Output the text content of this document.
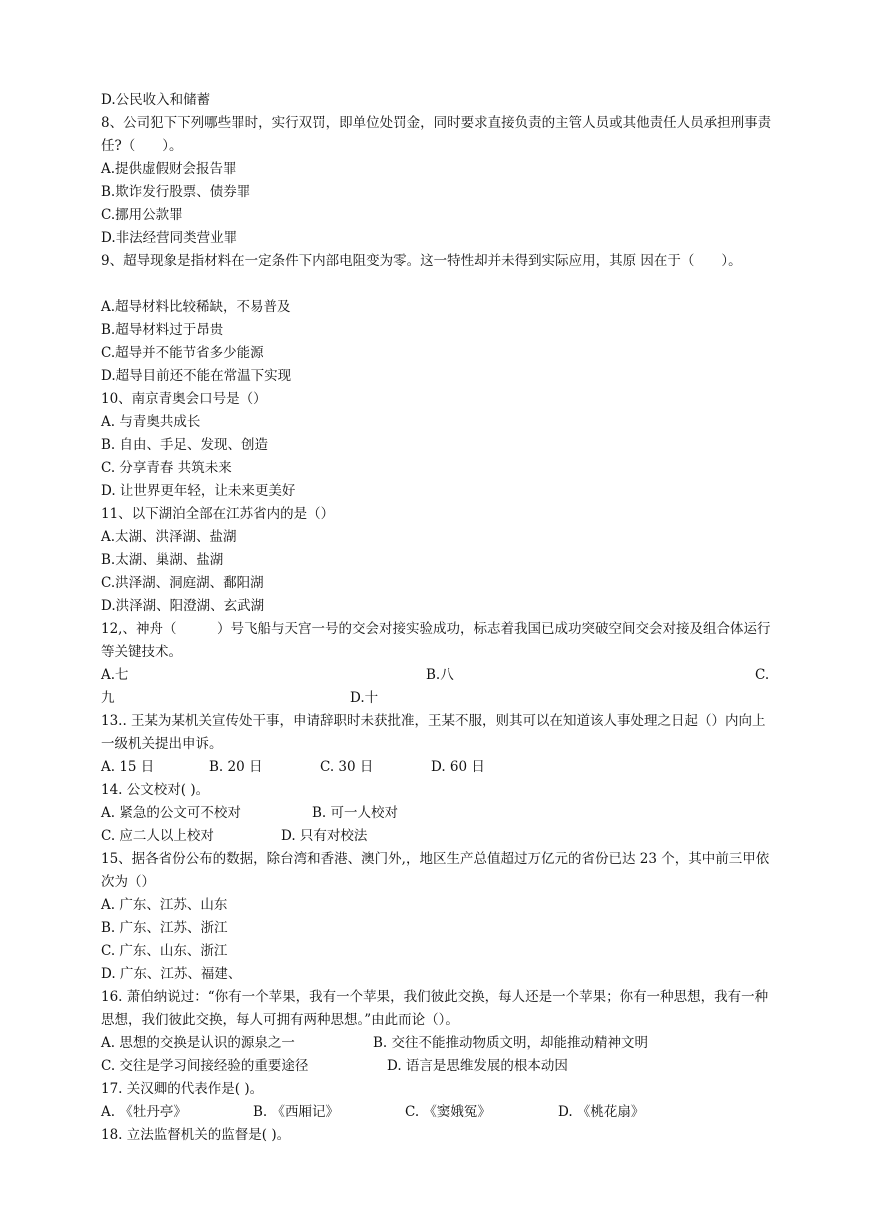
D.公民收入和储蓄
8、公司犯下下列哪些罪时，实行双罚，即单位处罚金，同时要求直接负责的主管人员或其他责任人员承担刑事责任?（　　）。
A.提供虚假财会报告罪
B.欺诈发行股票、债券罪
C.挪用公款罪
D.非法经营同类营业罪
9、超导现象是指材料在一定条件下内部电阻变为零。这一特性却并未得到实际应用，其原 因在于（　　）。
A.超导材料比较稀缺，不易普及
B.超导材料过于昂贵
C.超导并不能节省多少能源
D.超导目前还不能在常温下实现
10、南京青奥会口号是（）
A. 与青奥共成长
B. 自由、手足、发现、创造
C. 分享青春 共筑未来
D. 让世界更年轻，让未来更美好
11、以下湖泊全部在江苏省内的是（）
A.太湖、洪泽湖、盐湖
B.太湖、巢湖、盐湖
C.洪泽湖、洞庭湖、鄱阳湖
D.洪泽湖、阳澄湖、玄武湖
12,、神舟（　　　）号飞船与天宫一号的交会对接实验成功，标志着我国已成功突破空间交会对接及组合体运行等关键技术。
A.七	B.八	C.
九	D.十
13.. 王某为某机关宣传处干事，申请辞职时未获批准，王某不服，则其可以在知道该人事处理之日起（）内向上一级机关提出申诉。
A. 15 日	B. 20 日	C. 30 日	D. 60 日
14. 公文校对( )。
A. 紧急的公文可不校对	B. 可一人校对
C. 应二人以上校对	D. 只有对校法
15、据各省份公布的数据，除台湾和香港、澳门外,，地区生产总值超过万亿元的省份已达 23 个，其中前三甲依次为（）
A. 广东、江苏、山东
B. 广东、江苏、浙江
C. 广东、山东、浙江
D. 广东、江苏、福建、
16. 萧伯纳说过：“你有一个苹果，我有一个苹果，我们彼此交换，每人还是一个苹果；你有一种思想，我有一种思想，我们彼此交换，每人可拥有两种思想。”由此而论（）。
A. 思想的交换是认识的源泉之一	B. 交往不能推动物质文明，却能推动精神文明
C. 交往是学习间接经验的重要途径	D. 语言是思维发展的根本动因
17. 关汉卿的代表作是( )。
A. 《牡丹亭》	B. 《西厢记》	C. 《窦娥冤》	D. 《桃花扇》
18. 立法监督机关的监督是( )。
